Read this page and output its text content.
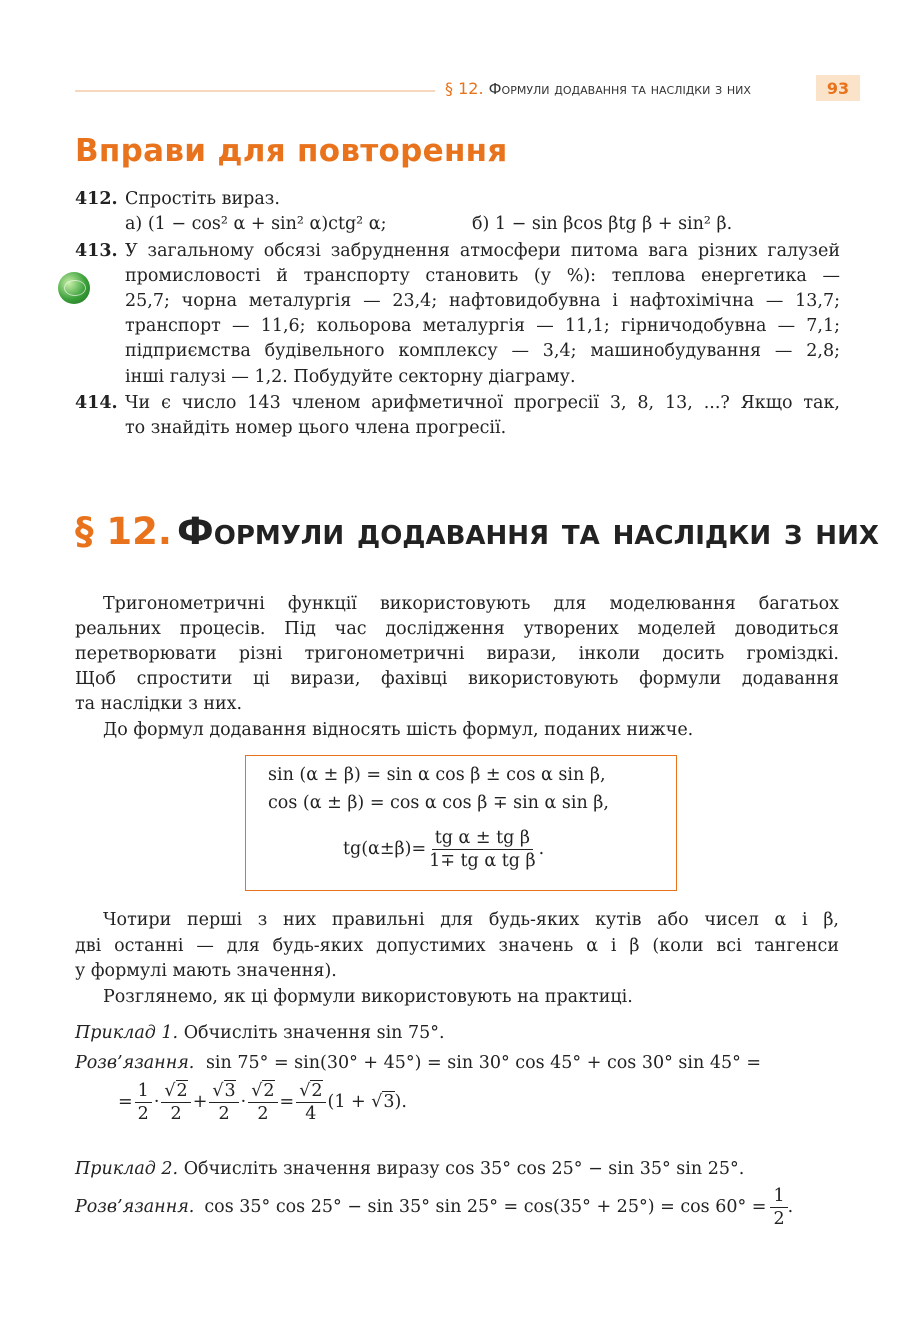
§ 12. Формули додавання та наслідки з них	93
Вправи для повторення
412. Спростіть вираз.
а) (1 − cos² α + sin² α)ctg² α;	б) 1 − sin βcos βtg β + sin² β.
413. У загальному обсязі забруднення атмосфери питома вага різних галузей
промисловості й транспорту становить (у %): теплова енергетика —
25,7; чорна металургія — 23,4; нафтовидобувна і нафтохімічна — 13,7;
транспорт — 11,6; кольорова металургія — 11,1; гірничодобувна — 7,1;
підприємства будівельного комплексу — 3,4; машинобудування — 2,8;
інші галузі — 1,2. Побудуйте секторну діаграму.
414. Чи є число 143 членом арифметичної прогресії 3, 8, 13, ...? Якщо так,
то знайдіть номер цього члена прогресії.
§ 12. Формули додавання та наслідки з них
Тригонометричні функції використовують для моделювання багатьох
реальних процесів. Під час дослідження утворених моделей доводиться
перетворювати різні тригонометричні вирази, інколи досить громіздкі.
Щоб спростити ці вирази, фахівці використовують формули додавання
та наслідки з них.
До формул додавання відносять шість формул, поданих нижче.
sin (α ± β) = sin α cos β ± cos α sin β,
cos (α ± β) = cos α cos β ∓ sin α sin β,
$tg(\alpha\pm\beta)= \frac{\text{tg α ± tg β}}{\text{1∓ tg α tg β}}$ .
Чотири перші з них правильні для будь-яких кутів або чисел α і β,
дві останні — для будь-яких допустимих значень α і β (коли всі тангенси
у формулі мають значення).
Розглянемо, як ці формули використовують на практиці.
Приклад 1. Обчисліть значення sin 75°.
Розв’язання. sin 75° = sin(30° + 45°) = sin 30° cos 45° + cos 30° sin 45° =
= $\frac{1}{2} \cdot \frac{√2}{2} + \frac{√3}{2} \cdot \frac{√2}{2} = \frac{√2}{4} (1 + √3)$.
Приклад 2. Обчисліть значення виразу cos 35° cos 25° − sin 35° sin 25°.
Розв’язання. cos 35° cos 25° − sin 35° $\sin 25^\circ = \cos(35^\circ + 25^\circ) = \cos 60^\circ = \frac{1}{2}$ .
